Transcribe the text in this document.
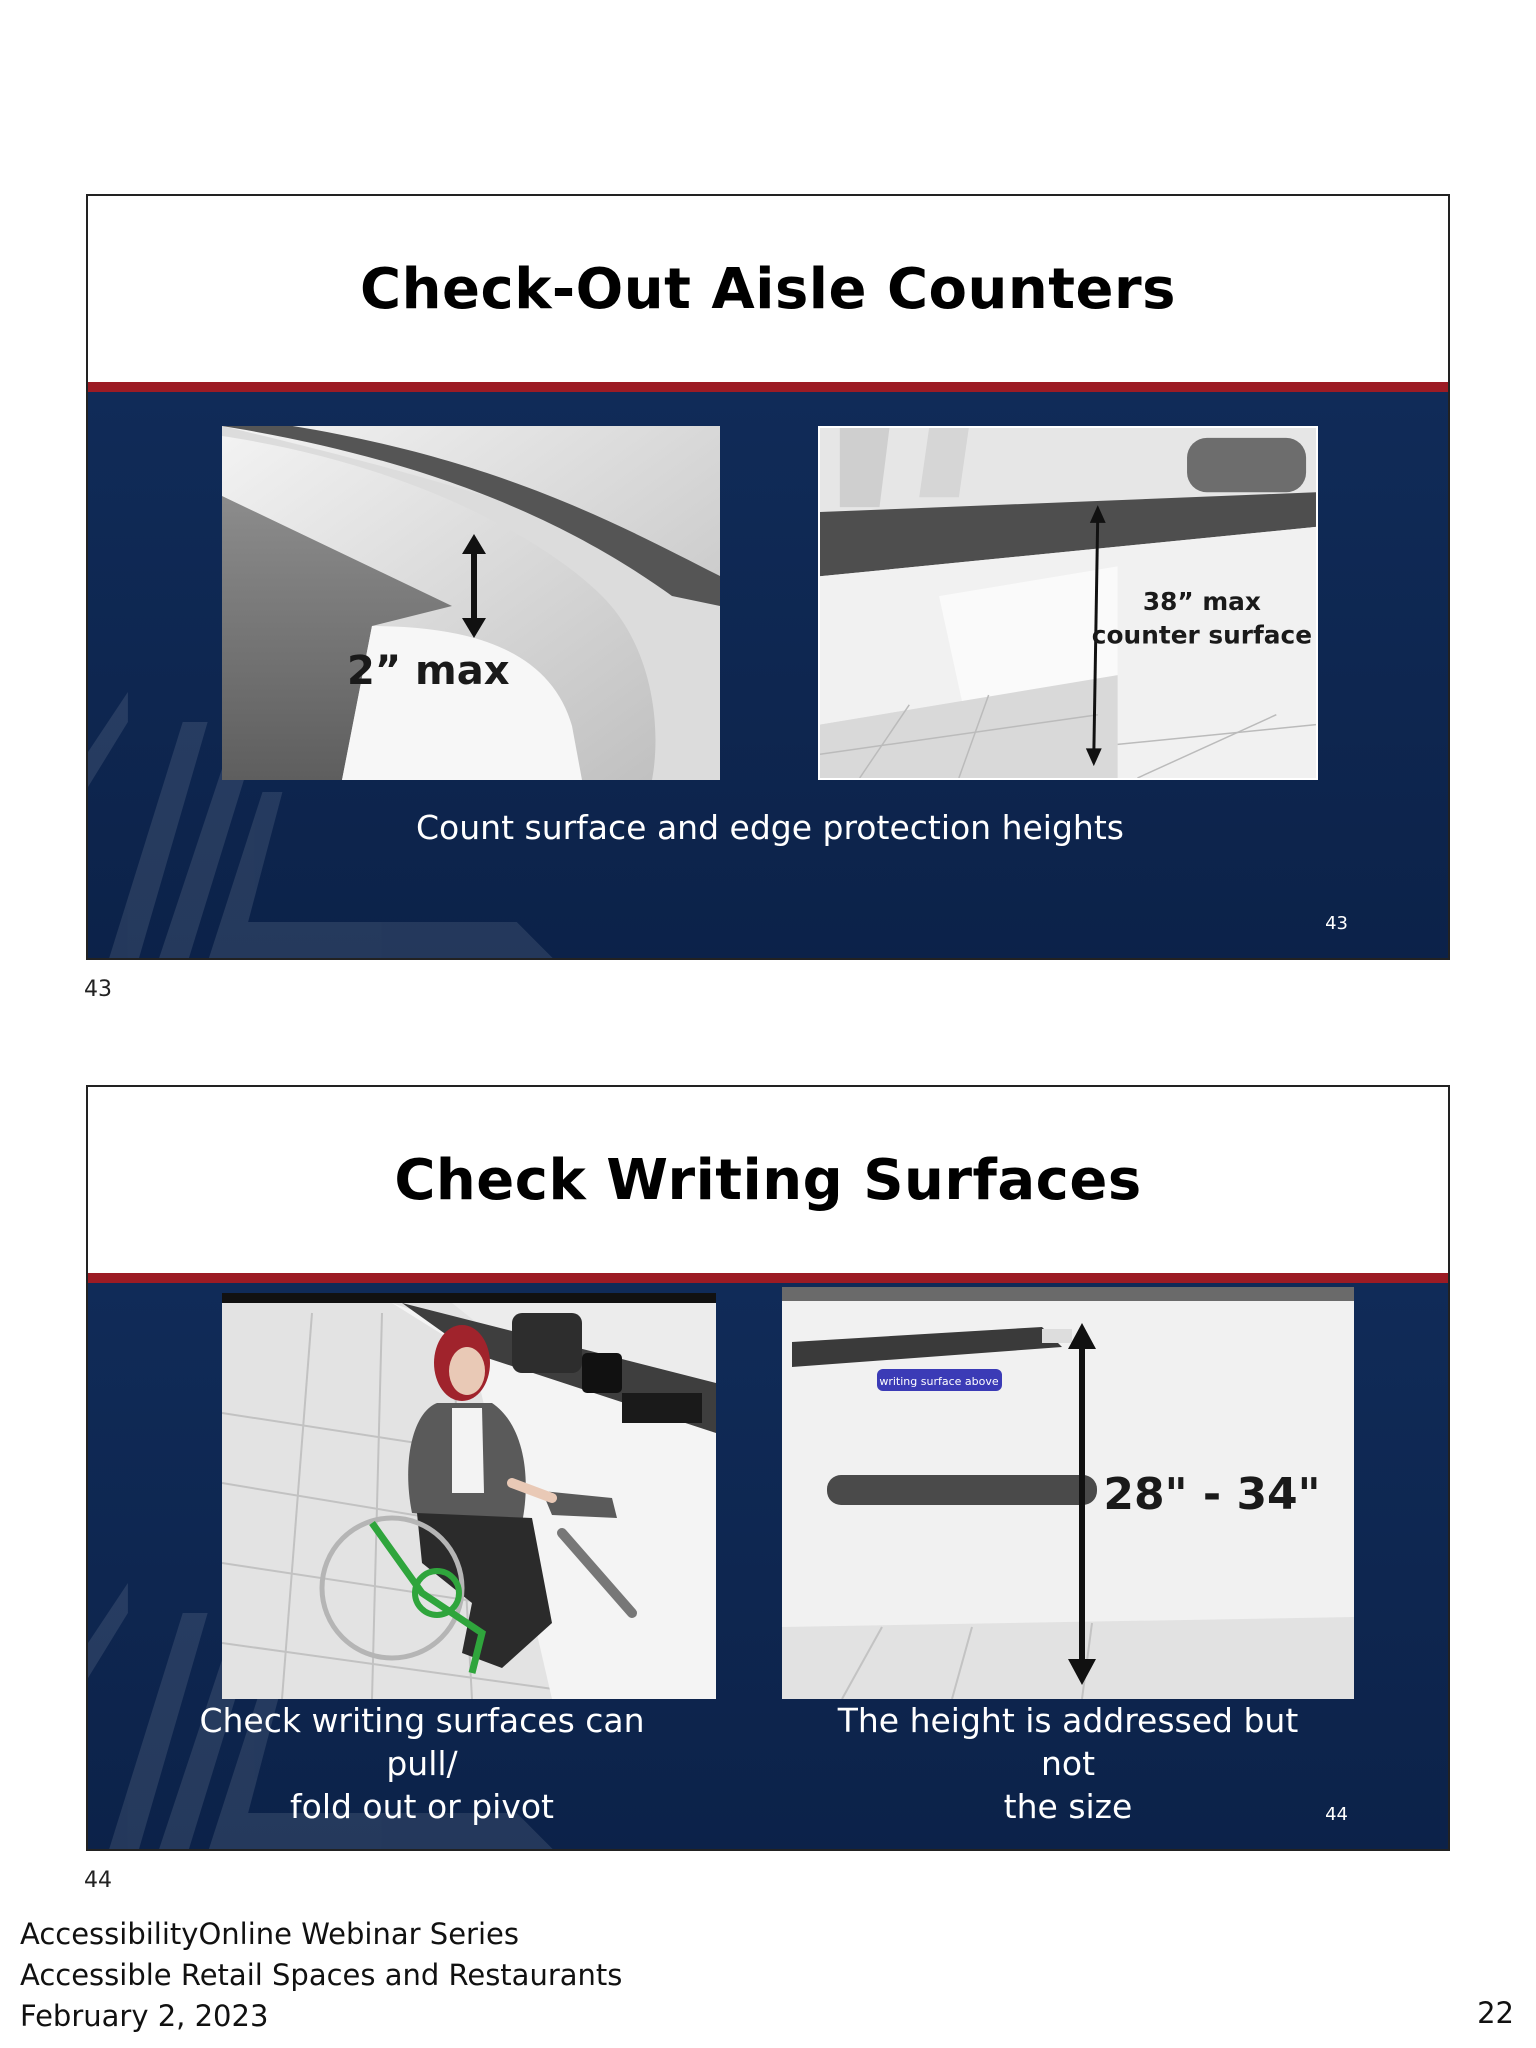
Check-Out Aisle Counters
2” max
38” max
counter surface
Count surface and edge protection heights
43
43
Check Writing Surfaces
writing surface above
28" - 34"
Check writing surfaces can pull/
fold out or pivot
The height is addressed but not
the size	44
44
AccessibilityOnline Webinar Series
Accessible Retail Spaces and Restaurants
February 2, 2023	22
